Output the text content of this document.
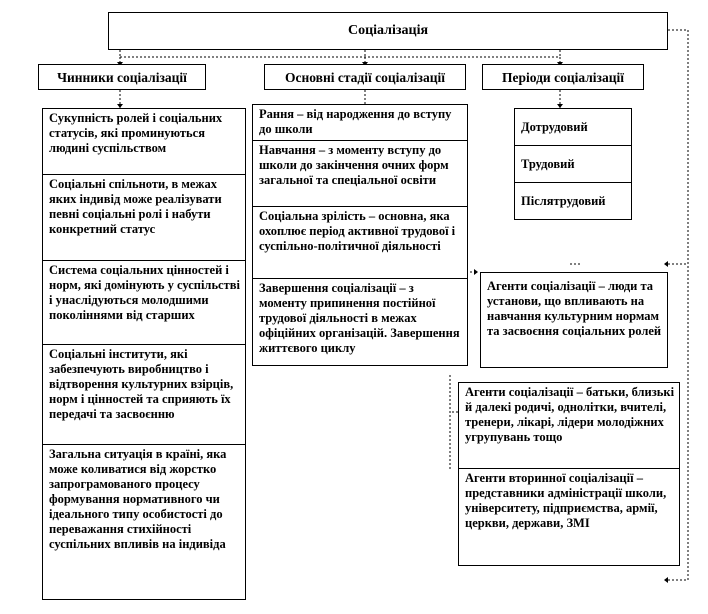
Соціалізація
Чинники соціалізації	Основні стадії соціалізації	Періоди соціалізації
Сукупність ролей і соціальних статусів, які проминуються людині суспільством
Соціальні спільноти, в межах яких індивід може реалізувати певні соціальні ролі і набути конкретний статус
Система соціальних цінностей і норм, які домінують у суспільстві і унаслідуються молодшими поколіннями від старших
Соціальні інститути, які забезпечують виробництво і відтворення культурних взірців, норм і цінностей та сприяють їх передачі та засвоєнню
Загальна ситуація в країні, яка може коливатися від жорстко запрограмованого процесу формування нормативного чи ідеального типу особистості до переважання стихійності суспільних впливів на індивіда
Рання – від народження до вступу до школи
Навчання – з моменту вступу до школи до закінчення очних форм загальної та спеціальної освіти
Соціальна зрілість – основна, яка охоплює період активної трудової і суспільно-політичної діяльності
Завершення соціалізації – з моменту припинення постійної трудової діяльності в межах офіційних організацій. Завершення життєвого циклу
Дотрудовий
Трудовий
Післятрудовий
Агенти соціалізації – люди та установи, що впливають на навчання культурним нормам та засвоєння соціальних ролей
Агенти соціалізації – батьки, близькі й далекі родичі, однолітки, вчителі, тренери, лікарі, лідери молодіжних угрупувань тощо
Агенти вторинної соціалізації – представники адміністрації школи, університету, підприємства, армії, церкви, держави, ЗМІ
